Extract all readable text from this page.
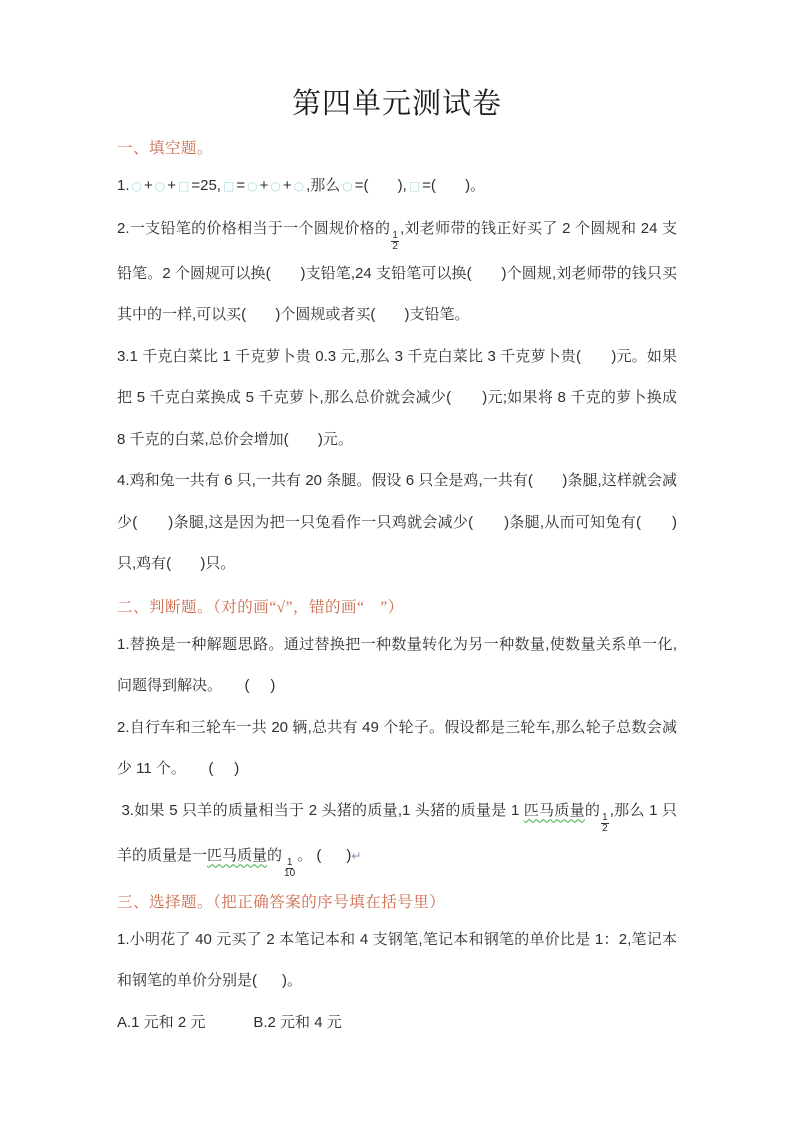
第四单元测试卷
一、填空题。

1. ○ + ○ + □ =25, □ = ○ + ○ + ○ ,那么 ○ =(       ), □ =(       )。

2.一支铅笔的价格相当于一个圆规价格的
$\frac{1}{2}$
,刘老师带的钱正好买了 2 个圆规和 24 支铅笔。2 个圆规可以换(       )支铅笔,24 支铅笔可以换(       )个圆规,刘老师带的钱只买其中的一样,可以买(       )个圆规或者买(       )支铅笔。

3.1 千克白菜比 1 千克萝卜贵 0.3 元,那么 3 千克白菜比 3 千克萝卜贵(       )元。如果把 5 千克白菜换成 5 千克萝卜,那么总价就会减少(       )元;如果将 8 千克的萝卜换成 8 千克的白菜,总价会增加(       )元。

4.鸡和兔一共有 6 只,一共有 20 条腿。假设 6 只全是鸡,一共有(       )条腿,这样就会减少(       )条腿,这是因为把一只兔看作一只鸡就会减少(       )条腿,从而可知兔有(       )只,鸡有(       )只。

二、判断题。（对的画“√”，错的画“　”）

1.替换是一种解题思路。通过替换把一种数量转化为另一种数量,使数量关系单一化,问题得到解决。　　(     )

2.自行车和三轮车一共 20 辆,总共有 49 个轮子。假设都是三轮车,那么轮子总数会减少 11 个。　　(     )

3.如果 5 只羊的质量相当于 2 头猪的质量,1 头猪的质量是 1 匹马质量的
$\frac{1}{2}$
,那么 1 只羊的质量是一匹马质量的
$\frac{1}{10}$
。 (      )↵

三、选择题。（把正确答案的序号填在括号里）

1.小明花了 40 元买了 2 本笔记本和 4 支钢笔,笔记本和钢笔的单价比是 1：2,笔记本和钢笔的单价分别是(      )。

A.1 元和 2 元	B.2 元和 4 元
